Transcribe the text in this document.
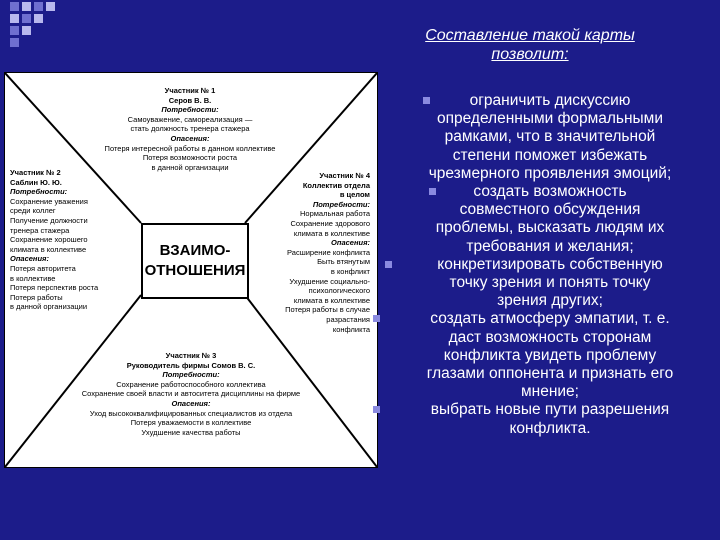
Составление такой карты
позволит:
Участник № 1
Серов В. В.
Потребности:
Самоуважение, самореализация —
стать должность тренера стажера
Опасения:
Потеря интересной работы в данном коллективе
Потеря возможности роста
в данной организации
Участник № 2
Саблин Ю. Ю.
Потребности:
Сохранение уважения
среди коллег
Получение должности
тренера стажера
Сохранение хорошего
климата в коллективе
Опасения:
Потеря авторитета
в коллективе
Потеря перспектив роста
Потеря работы
в данной организации
Участник № 4
Коллектив отдела
в целом
Потребности:
Нормальная работа
Сохранение здорового
климата в коллективе
Опасения:
Расширение конфликта
Быть втянутым
в конфликт
Ухудшение социально-
психологического
климата в коллективе
Потеря работы в случае
разрастания
конфликта
ВЗАИМО-
ОТНОШЕНИЯ
Участник № 3
Руководитель фирмы Сомов В. С.
Потребности:
Сохранение работоспособного коллектива
Сохранение своей власти и автоситета дисциплины на фирме
Опасения:
Уход высококвалифицированных специалистов из отдела
Потеря уважаемости в коллективе
Ухудшение качества работы
ограничить дискуссию
определенными формальными
рамками, что в значительной
степени поможет избежать
чрезмерного проявления эмоций;
создать возможность
совместного обсуждения
проблемы, высказать людям их
требования и желания;
конкретизировать собственную
точку зрения и понять точку
зрения других;
создать атмосферу эмпатии, т. е.
даст возможность сторонам
конфликта увидеть проблему
глазами оппонента и признать его
мнение;
выбрать новые пути разрешения
конфликта.
